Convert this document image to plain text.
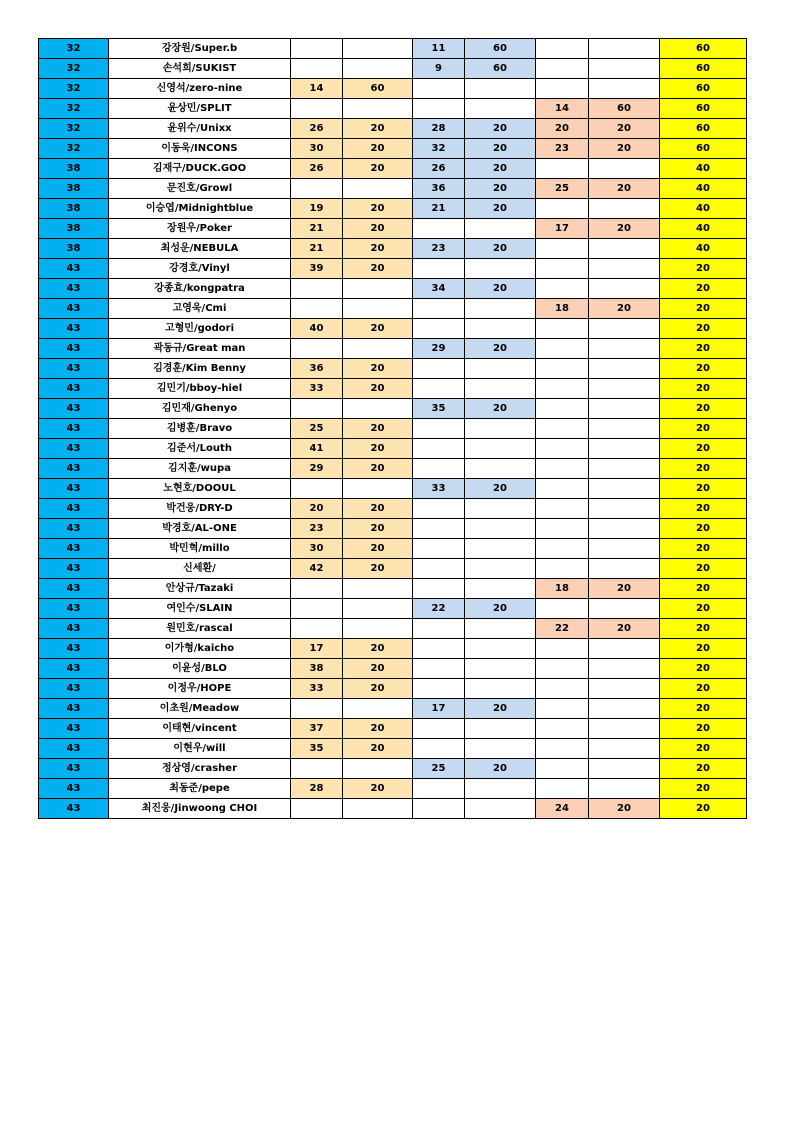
32	강장원/Super.b			11	60			60
32	손석희/SUKIST			9	60			60
32	신영석/zero-nine	14	60					60
32	윤상민/SPLIT					14	60	60
32	윤위수/Unixx	26	20	28	20	20	20	60
32	이동욱/INCONS	30	20	32	20	23	20	60
38	김재구/DUCK.GOO	26	20	26	20			40
38	문진호/Growl			36	20	25	20	40
38	이승엽/Midnightblue	19	20	21	20			40
38	장원우/Poker	21	20			17	20	40
38	최성운/NEBULA	21	20	23	20			40
43	강경호/Vinyl	39	20					20
43	강종효/kongpatra			34	20			20
43	고영욱/Cmi					18	20	20
43	고형민/godori	40	20					20
43	곽동규/Great man			29	20			20
43	김경훈/Kim Benny	36	20					20
43	김민기/bboy-hiel	33	20					20
43	김민재/Ghenyo			35	20			20
43	김병훈/Bravo	25	20					20
43	김준서/Louth	41	20					20
43	김지훈/wupa	29	20					20
43	노현호/DOOUL			33	20			20
43	박건웅/DRY-D	20	20					20
43	박경호/AL-ONE	23	20					20
43	박민혁/millo	30	20					20
43	신세환/	42	20					20
43	안상규/Tazaki					18	20	20
43	여인수/SLAIN			22	20			20
43	원민호/rascal					22	20	20
43	이가형/kaicho	17	20					20
43	이윤성/BLO	38	20					20
43	이정우/HOPE	33	20					20
43	이초원/Meadow			17	20			20
43	이태현/vincent	37	20					20
43	이현우/will	35	20					20
43	정상영/crasher			25	20			20
43	최동준/pepe	28	20					20
43	최진웅/Jinwoong CHOI					24	20	20
